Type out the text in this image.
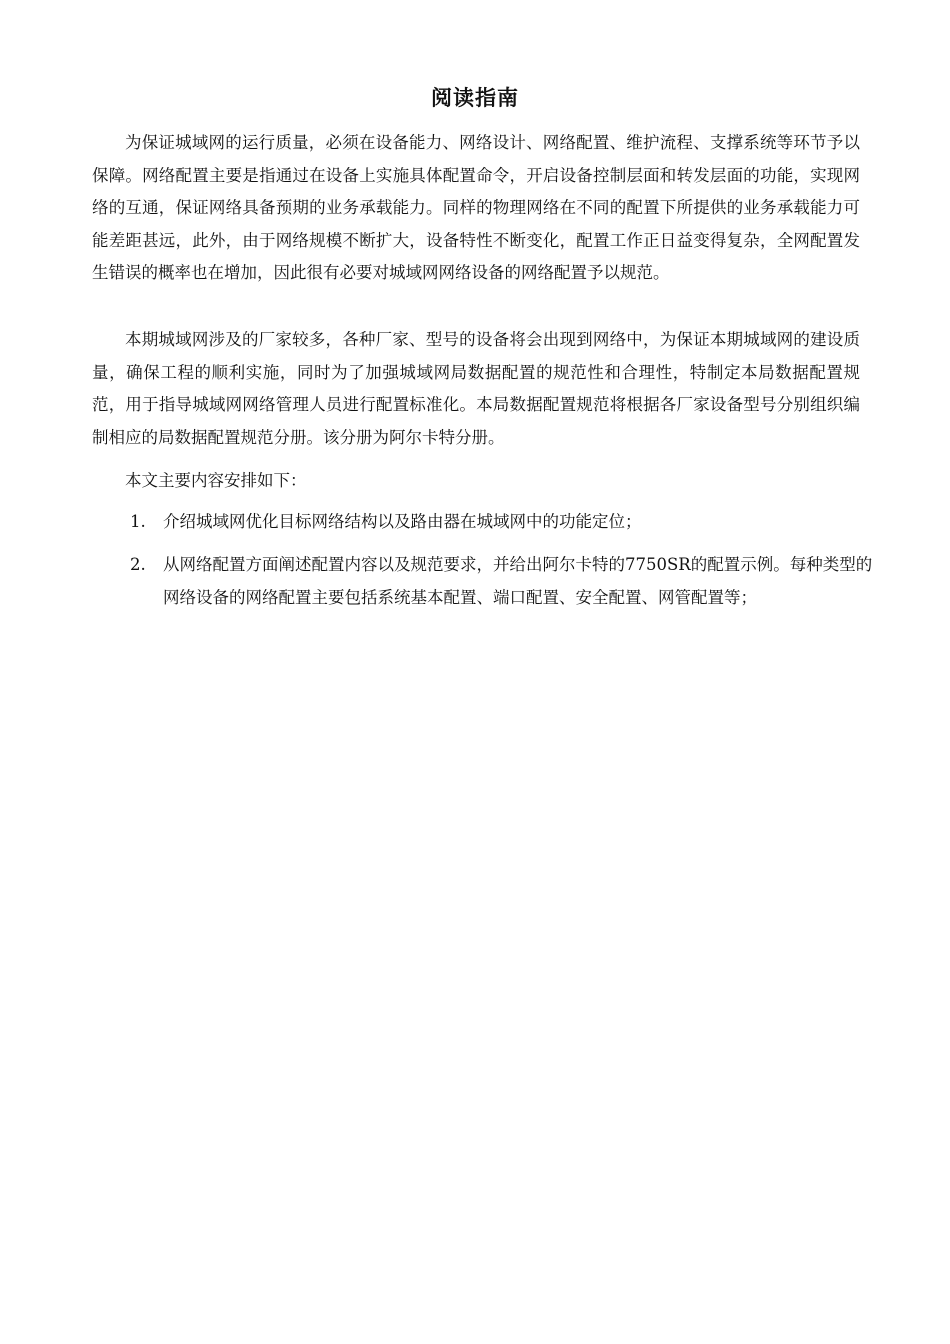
阅读指南

为保证城域网的运行质量，必须在设备能力、网络设计、网络配置、维护流程、支撑系统等环节予以保障。网络配置主要是指通过在设备上实施具体配置命令，开启设备控制层面和转发层面的功能，实现网络的互通，保证网络具备预期的业务承载能力。同样的物理网络在不同的配置下所提供的业务承载能力可能差距甚远，此外，由于网络规模不断扩大，设备特性不断变化，配置工作正日益变得复杂，全网配置发生错误的概率也在增加，因此很有必要对城域网网络设备的网络配置予以规范。

本期城域网涉及的厂家较多，各种厂家、型号的设备将会出现到网络中，为保证本期城域网的建设质量，确保工程的顺利实施，同时为了加强城域网局数据配置的规范性和合理性，特制定本局数据配置规范，用于指导城域网网络管理人员进行配置标准化。本局数据配置规范将根据各厂家设备型号分别组织编制相应的局数据配置规范分册。该分册为阿尔卡特分册。

本文主要内容安排如下：

1. 介绍城域网优化目标网络结构以及路由器在城域网中的功能定位；
2. 从网络配置方面阐述配置内容以及规范要求，并给出阿尔卡特的7750SR的配置示例。每种类型的网络设备的网络配置主要包括系统基本配置、端口配置、安全配置、网管配置等；
